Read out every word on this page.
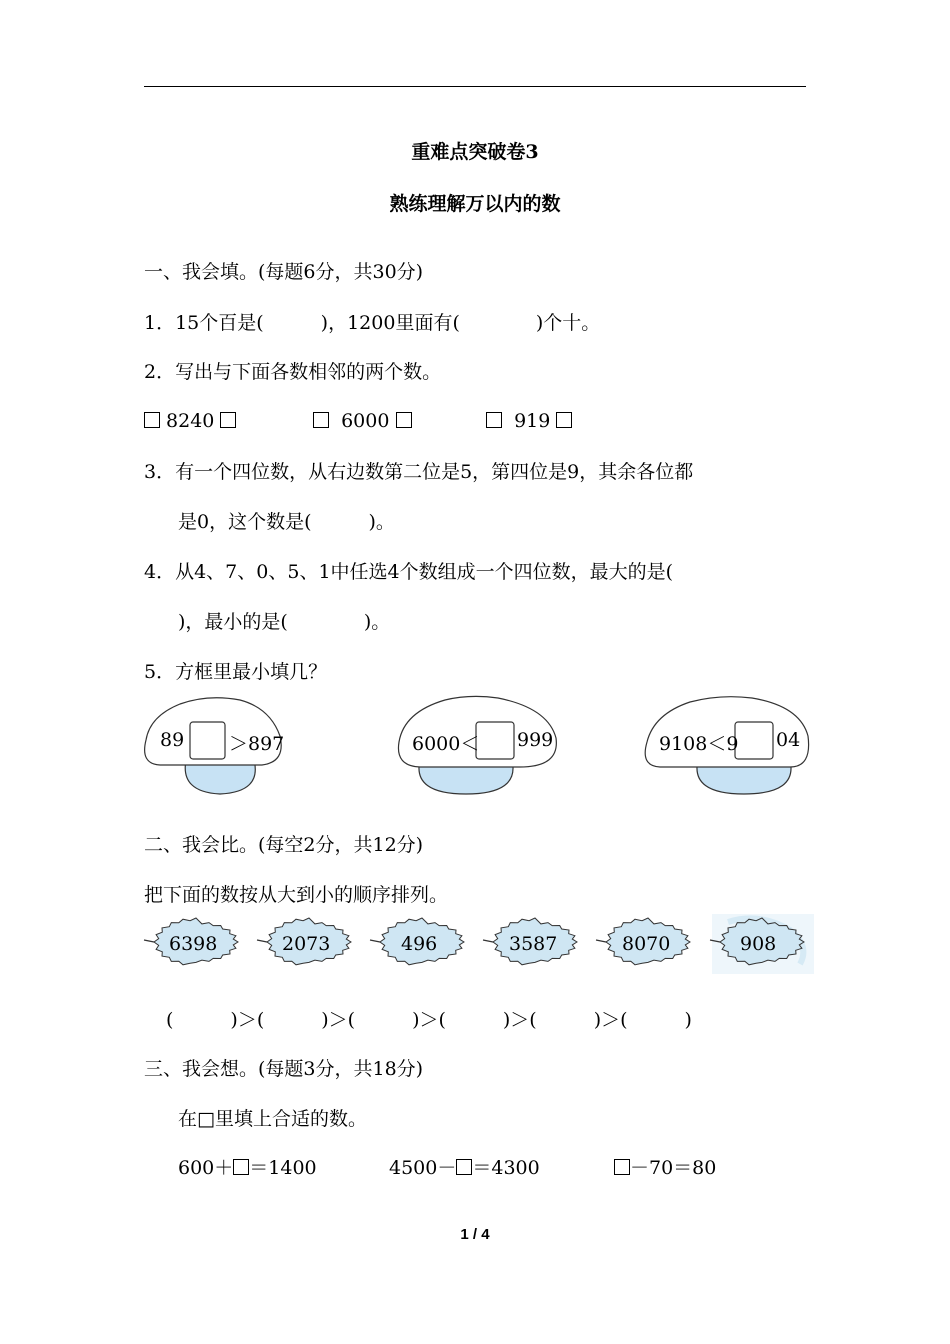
重难点突破卷3
熟练理解万以内的数
一、我会填。(每题6分，共30分)
1．15个百是(　　　)，1200里面有(　　　　)个十。
2．写出与下面各数相邻的两个数。
8240	6000	919
3．有一个四位数，从右边数第二位是5，第四位是9，其余各位都
是0，这个数是(　　　)。
4．从4、7、0、5、1中任选4个数组成一个四位数，最大的是(
)，最小的是(　　　　)。
5．方框里最小填几？
89 ＞897	6000＜ 999	9108＜9 04
二、我会比。(每空2分，共12分)
把下面的数按从大到小的顺序排列。
6398	2073	496	3587	8070	908
(　　　)＞(　　　)＞(　　　)＞(　　　)＞(　　　)＞(　　　)
三、我会想。(每题3分，共18分)
在□里填上合适的数。
600＋ ＝1400	4500－ ＝4300	－70＝80
1 / 4
